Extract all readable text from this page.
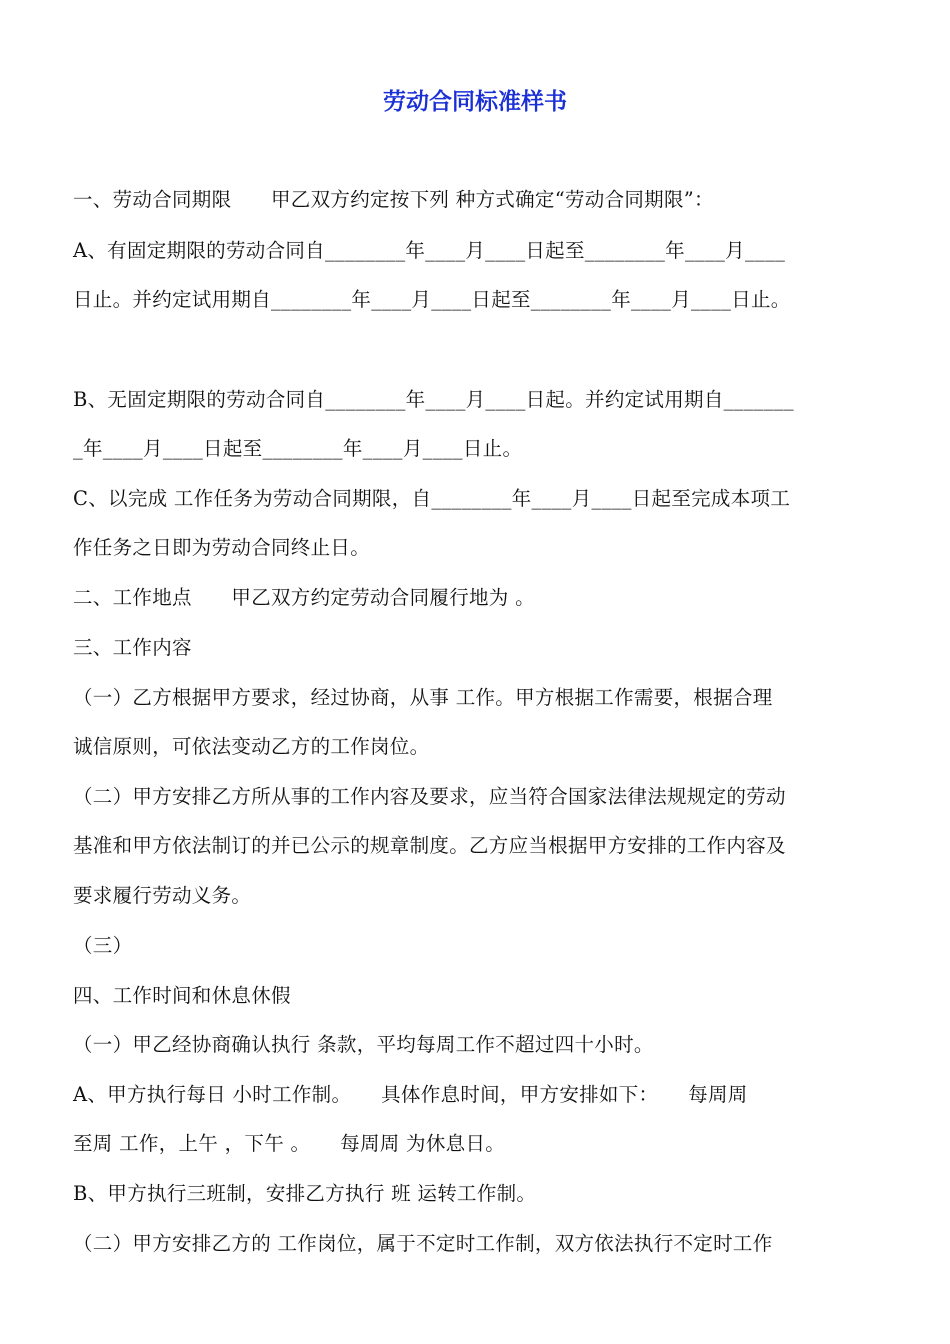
劳动合同标准样书
一、劳动合同期限　　甲乙双方约定按下列 种方式确定“劳动合同期限”：
A、有固定期限的劳动合同自________年____月____日起至________年____月____
日止。并约定试用期自________年____月____日起至________年____月____日止。
B、无固定期限的劳动合同自________年____月____日起。并约定试用期自_______
_年____月____日起至________年____月____日止。
C、以完成 工作任务为劳动合同期限，自________年____月____日起至完成本项工
作任务之日即为劳动合同终止日。
二、工作地点　　甲乙双方约定劳动合同履行地为 。
三、工作内容
（一）乙方根据甲方要求，经过协商，从事 工作。甲方根据工作需要，根据合理
诚信原则，可依法变动乙方的工作岗位。
（二）甲方安排乙方所从事的工作内容及要求，应当符合国家法律法规规定的劳动
基准和甲方依法制订的并已公示的规章制度。乙方应当根据甲方安排的工作内容及
要求履行劳动义务。
（三）
四、工作时间和休息休假
（一）甲乙经协商确认执行 条款，平均每周工作不超过四十小时。
A、甲方执行每日 小时工作制。　　具体作息时间，甲方安排如下：　　每周周
至周 工作，上午 ，下午 。　　每周周 为休息日。
B、甲方执行三班制，安排乙方执行 班 运转工作制。
（二）甲方安排乙方的 工作岗位，属于不定时工作制，双方依法执行不定时工作
